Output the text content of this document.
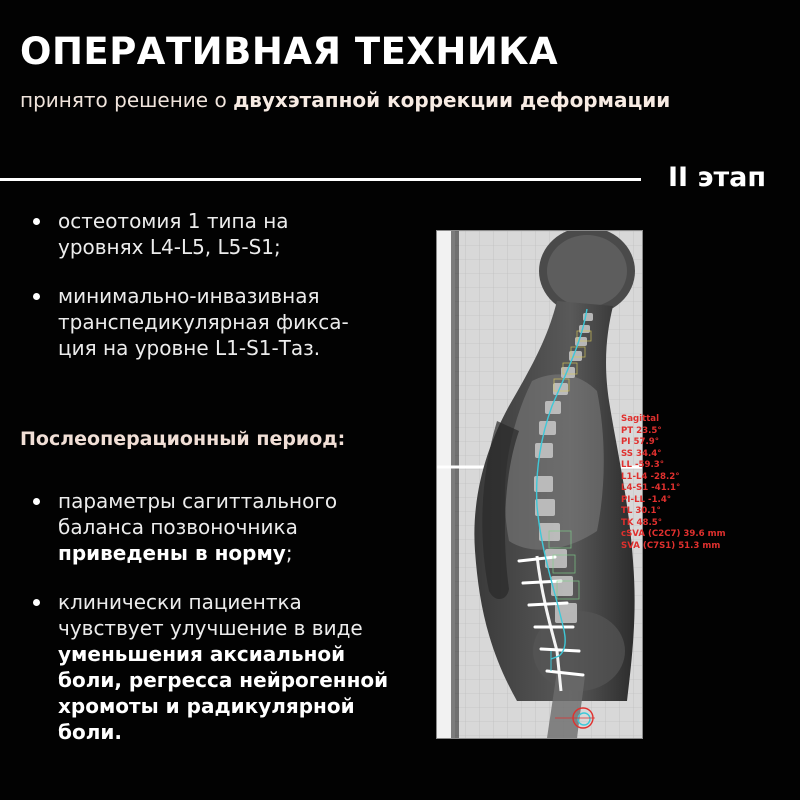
ОПЕРАТИВНАЯ ТЕХНИКА
принято решение о двухэтапной коррекции деформации
II этап
остеотомия 1 типа на
уровнях L4-L5, L5-S1;
минимально-инвазивная
транспедикулярная фикса-
ция на уровне L1-S1-Таз.
Послеоперационный период:
параметры сагиттального
баланса позвоночника
приведены в норму;
клинически пациентка
чувствует улучшение в виде
уменьшения аксиальной
боли, регресса нейрогенной
хромоты и радикулярной
боли.
Sagittal
PT 23.5°
PI 57.9°
SS 34.4°
LL -59.3°
L1-L4 -28.2°
L4-S1 -41.1°
PI-LL -1.4°
TL 30.1°
TK 48.5°
cSVA (C2C7) 39.6 mm
SVA (C7S1) 51.3 mm
